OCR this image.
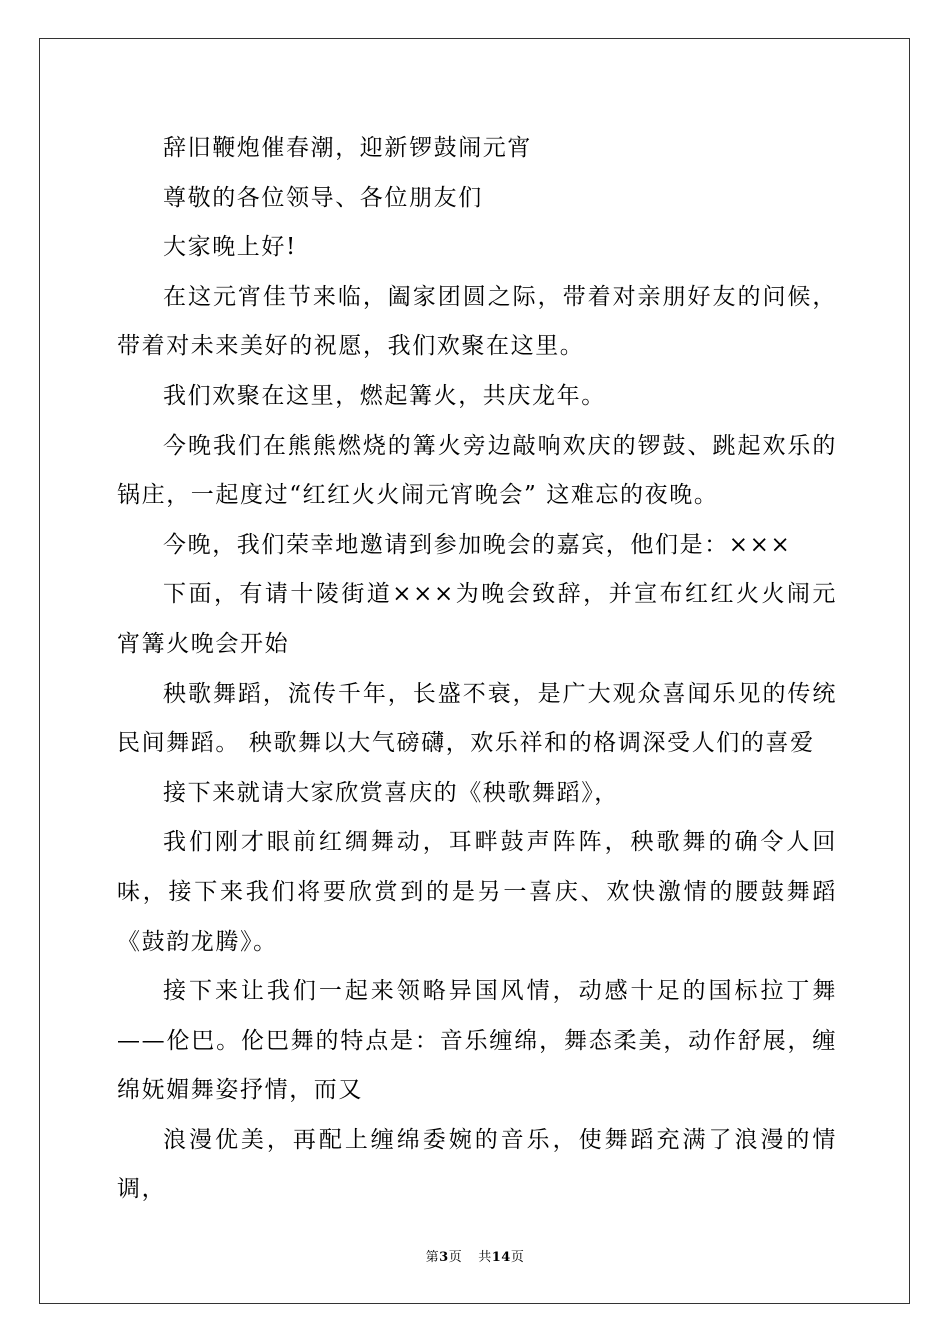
辞旧鞭炮催春潮，迎新锣鼓闹元宵

尊敬的各位领导、各位朋友们

大家晚上好!

在这元宵佳节来临，阖家团圆之际，带着对亲朋好友的问候，带着对未来美好的祝愿，我们欢聚在这里。

我们欢聚在这里，燃起篝火，共庆龙年。

今晚我们在熊熊燃烧的篝火旁边敲响欢庆的锣鼓、跳起欢乐的锅庄，一起度过“红红火火闹元宵晚会” 这难忘的夜晚。

今晚，我们荣幸地邀请到参加晚会的嘉宾，他们是：×××

下面，有请十陵街道×××为晚会致辞，并宣布红红火火闹元宵篝火晚会开始

秧歌舞蹈，流传千年，长盛不衰，是广大观众喜闻乐见的传统民间舞蹈。 秧歌舞以大气磅礴，欢乐祥和的格调深受人们的喜爱

接下来就请大家欣赏喜庆的《秧歌舞蹈》，

我们刚才眼前红绸舞动，耳畔鼓声阵阵，秧歌舞的确令人回味，接下来我们将要欣赏到的是另一喜庆、欢快激情的腰鼓舞蹈《鼓韵龙腾》。

接下来让我们一起来领略异国风情，动感十足的国标拉丁舞——伦巴。伦巴舞的特点是：音乐缠绵，舞态柔美，动作舒展，缠绵妩媚舞姿抒情，而又

浪漫优美，再配上缠绵委婉的音乐，使舞蹈充满了浪漫的情调，

第3页 共14页
